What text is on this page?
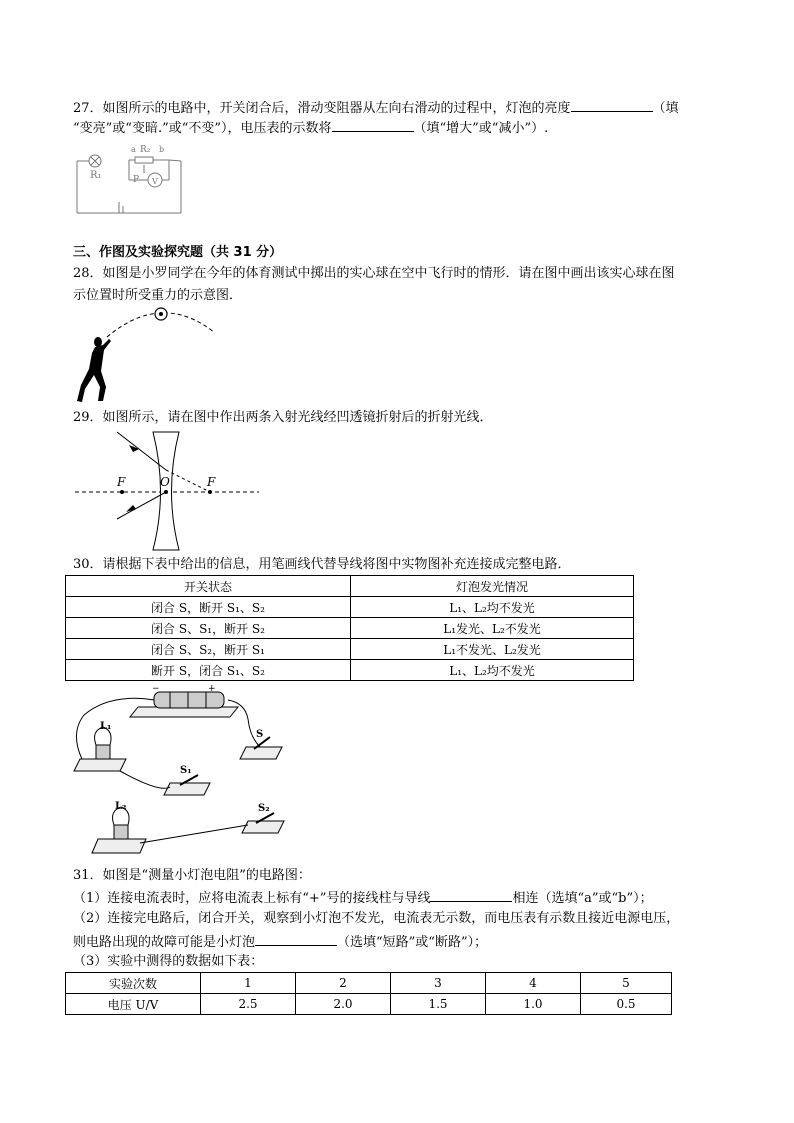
27．如图所示的电路中，开关闭合后，滑动变阻器从左向右滑动的过程中，灯泡的亮度	（填
“变亮”或“变暗.”或“不变”），电压表的示数将	（填“增大”或“减小”）.
R₁
a R₂ b
P V
三、作图及实验探究题（共 31 分）
28．如图是小罗同学在今年的体育测试中掷出的实心球在空中飞行时的情形．请在图中画出该实心球在图
示位置时所受重力的示意图．
29．如图所示，请在图中作出两条入射光线经凹透镜折射后的折射光线．
F	O	F
30．请根据下表中给出的信息，用笔画线代替导线将图中实物图补充连接成完整电路．
开关状态	灯泡发光情况
闭合 S，断开 S₁、S₂	L₁、L₂均不发光
闭合 S、S₁，断开 S₂	L₁发光、L₂不发光
闭合 S、S₂，断开 S₁	L₁不发光、L₂发光
断开 S，闭合 S₁、S₂	L₁、L₂均不发光
−	+
L₁
S
S₁
L₂	S₂
31．如图是“测量小灯泡电阻”的电路图：
（1）连接电流表时，应将电流表上标有“+”号的接线柱与导线	相连（选填“a”或“b”）；
（2）连接完电路后，闭合开关，观察到小灯泡不发光，电流表无示数，而电压表有示数且接近电源电压，
则电路出现的故障可能是小灯泡	（选填“短路”或“断路”）；
（3）实验中测得的数据如下表：
实验次数	1	2	3	4	5
电压 U/V	2.5	2.0	1.5	1.0	0.5
